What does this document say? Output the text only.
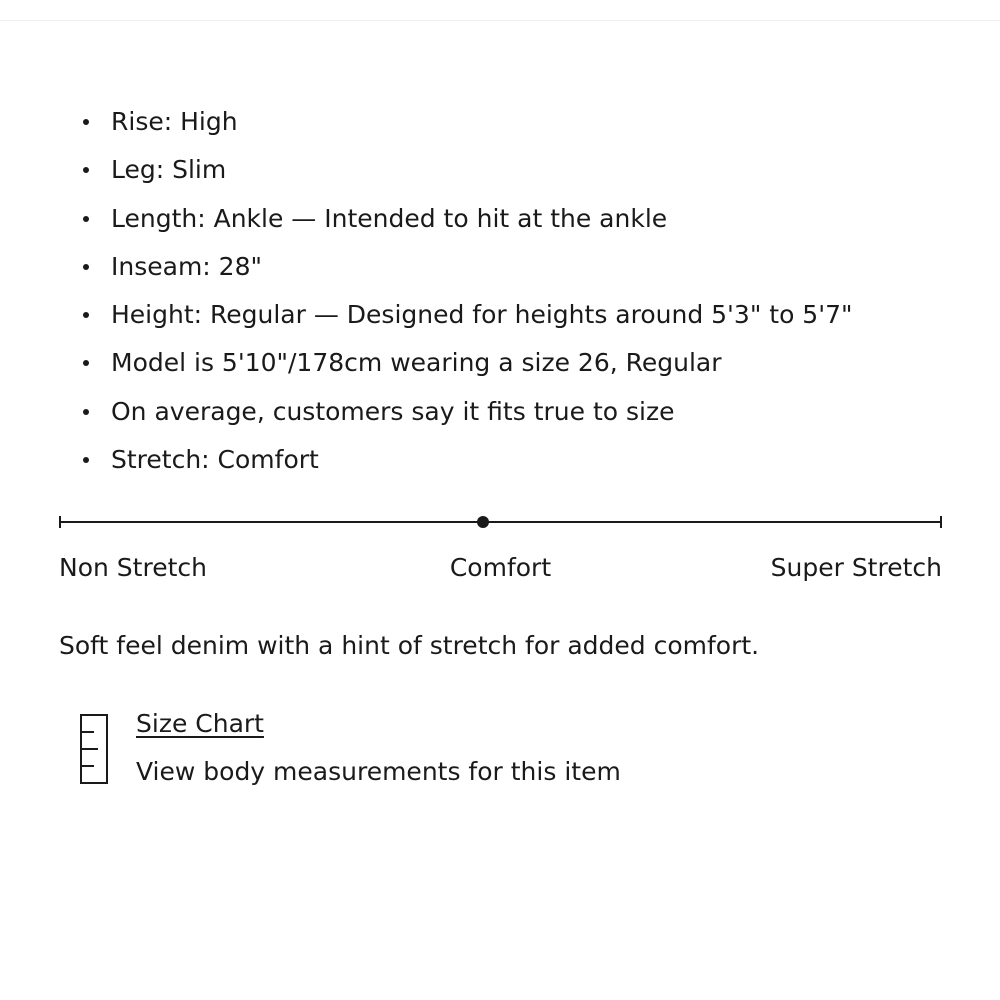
Rise: High
Leg: Slim
Length: Ankle — Intended to hit at the ankle
Inseam: 28"
Height: Regular — Designed for heights around 5'3" to 5'7"
Model is 5'10"/178cm wearing a size 26, Regular
On average, customers say it fits true to size
Stretch: Comfort
Non Stretch	Comfort	Super Stretch
Soft feel denim with a hint of stretch for added comfort.
Size Chart
View body measurements for this item
